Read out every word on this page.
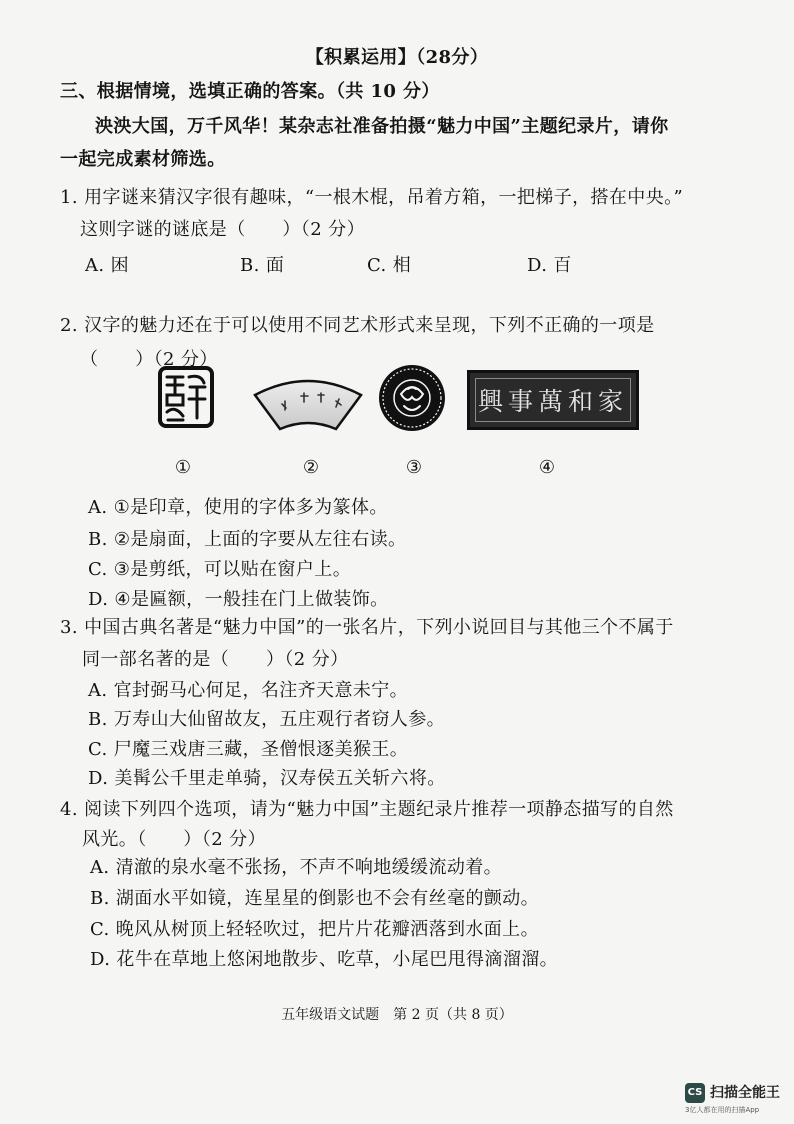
【积累运用】（28分）
三、根据情境，选填正确的答案。（共 10 分）
泱泱大国，万千风华！某杂志社准备拍摄“魅力中国”主题纪录片，请你
一起完成素材筛选。
1. 用字谜来猜汉字很有趣味，“一根木棍，吊着方箱，一把梯子，搭在中央。”
这则字谜的谜底是（　　）（2 分）
A. 困	B. 面	C. 相	D. 百
2. 汉字的魅力还在于可以使用不同艺术形式来呈现，下列不正确的一项是
（　　）（2 分）
興事萬和家
①	②	③	④
A. ①是印章，使用的字体多为篆体。
B. ②是扇面，上面的字要从左往右读。
C. ③是剪纸，可以贴在窗户上。
D. ④是匾额，一般挂在门上做装饰。
3. 中国古典名著是“魅力中国”的一张名片，下列小说回目与其他三个不属于
同一部名著的是（　　）（2 分）
A. 官封弼马心何足，名注齐天意未宁。
B. 万寿山大仙留故友，五庄观行者窃人参。
C. 尸魔三戏唐三藏，圣僧恨逐美猴王。
D. 美髯公千里走单骑，汉寿侯五关斩六将。
4. 阅读下列四个选项，请为“魅力中国”主题纪录片推荐一项静态描写的自然
风光。（　　）（2 分）
A. 清澈的泉水毫不张扬，不声不响地缓缓流动着。
B. 湖面水平如镜，连星星的倒影也不会有丝毫的颤动。
C. 晚风从树顶上轻轻吹过，把片片花瓣洒落到水面上。
D. 花牛在草地上悠闲地散步、吃草，小尾巴甩得滴溜溜。
五年级语文试题　第 2 页（共 8 页）
CS 扫描全能王
3亿人都在用的扫描App
